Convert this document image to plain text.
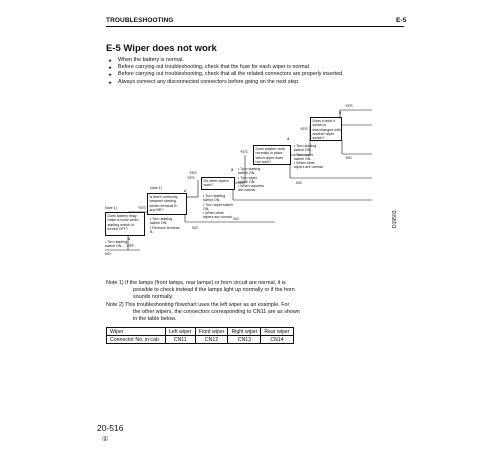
TROUBLESHOOTING	E-5
E-5 Wiper does not work
★ When the battery is normal.
★ Before carrying out troubleshooting, check that the fuse for each wiper is normal.
★ Before carrying out troubleshooting, check that all the related connectors are properly inserted.
★ Always connect any disconnected connectors before going on the next step.
Note 1)
Does battery relay
make a noise when
starting switch is
turned OFF?
1
• Turn starting
switch ON → OFF.
NO
YES
Note 1)
Is there continuity
between starting
switch terminal B
and BR?
2
• Turn starting
switch ON.
• Remove terminal
B.
YES
NO
Do other wipers
work?
3
• Turn starting
switch ON.
• Turn wiper switch
ON.
• When other
wipers are normal.
YES
NO
Does washer work
normally in place
which wiper does
not work?
4
• Turn starting
switch ON.
• Turn wiper
switch ON.
• When washers
are normal.
YES
NO
Does it work if
switch is
interchanged with
another wiper
switch?
5
• Turn starting
switch ON.
• Turn wiper
switch ON.
• When other
wipers are normal.
YES
YES
NO
D19503
Note 1) If the lamps (front lamps, rear lamps) or horn circuit are normal, it is
possible to check instead if the lamps light up normally or if the horn
sounds normally.
Note 2) This troubleshooting flowchart uses the left wiper as an example. For
the other wipers, the connectors corresponding to CN11 are as shown
in the table below.
Wiper	Left wiper	Front wiper	Right wiper	Rear wiper
Connector No. in cab	CN11	CN12	CN13	CN14
20-516
①
